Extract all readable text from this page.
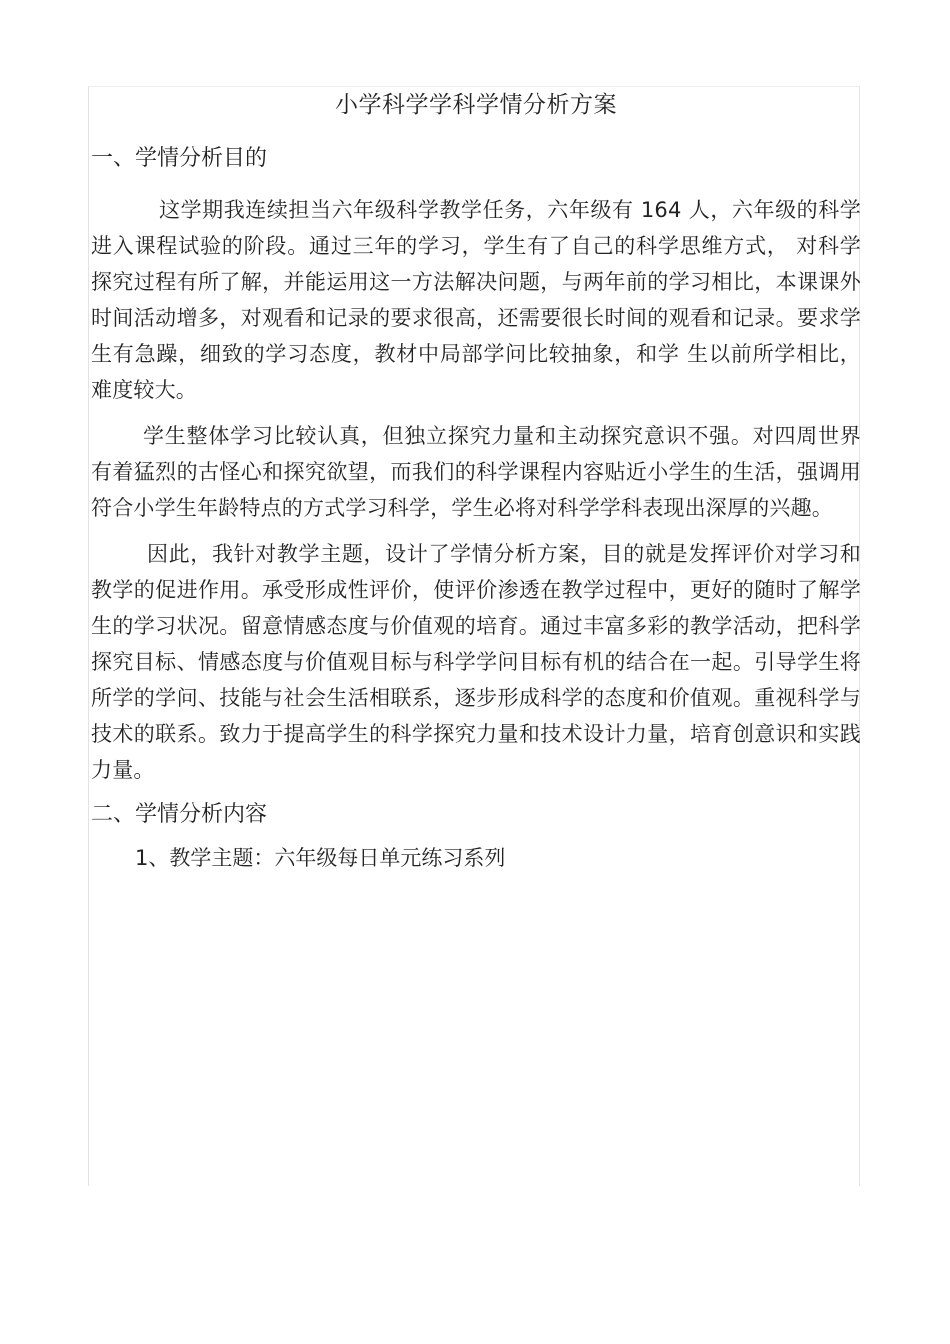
小学科学学科学情分析方案
一、学情分析目的

这学期我连续担当六年级科学教学任务，六年级有 164 人，六年级的科学进入课程试验的阶段。通过三年的学习，学生有了自己的科学思维方式， 对科学探究过程有所了解，并能运用这一方法解决问题，与两年前的学习相比，本课课外时间活动增多，对观看和记录的要求很高，还需要很长时间的观看和记录。要求学生有急躁，细致的学习态度，教材中局部学问比较抽象，和学 生以前所学相比，难度较大。

学生整体学习比较认真，但独立探究力量和主动探究意识不强。对四周世界有着猛烈的古怪心和探究欲望，而我们的科学课程内容贴近小学生的生活，强调用符合小学生年龄特点的方式学习科学，学生必将对科学学科表现出深厚的兴趣。

因此，我针对教学主题，设计了学情分析方案，目的就是发挥评价对学习和教学的促进作用。承受形成性评价，使评价渗透在教学过程中，更好的随时了解学生的学习状况。留意情感态度与价值观的培育。通过丰富多彩的教学活动，把科学探究目标、情感态度与价值观目标与科学学问目标有机的结合在一起。引导学生将所学的学问、技能与社会生活相联系，逐步形成科学的态度和价值观。重视科学与技术的联系。致力于提高学生的科学探究力量和技术设计力量，培育创意识和实践力量。

二、学情分析内容

1、教学主题：六年级每日单元练习系列
